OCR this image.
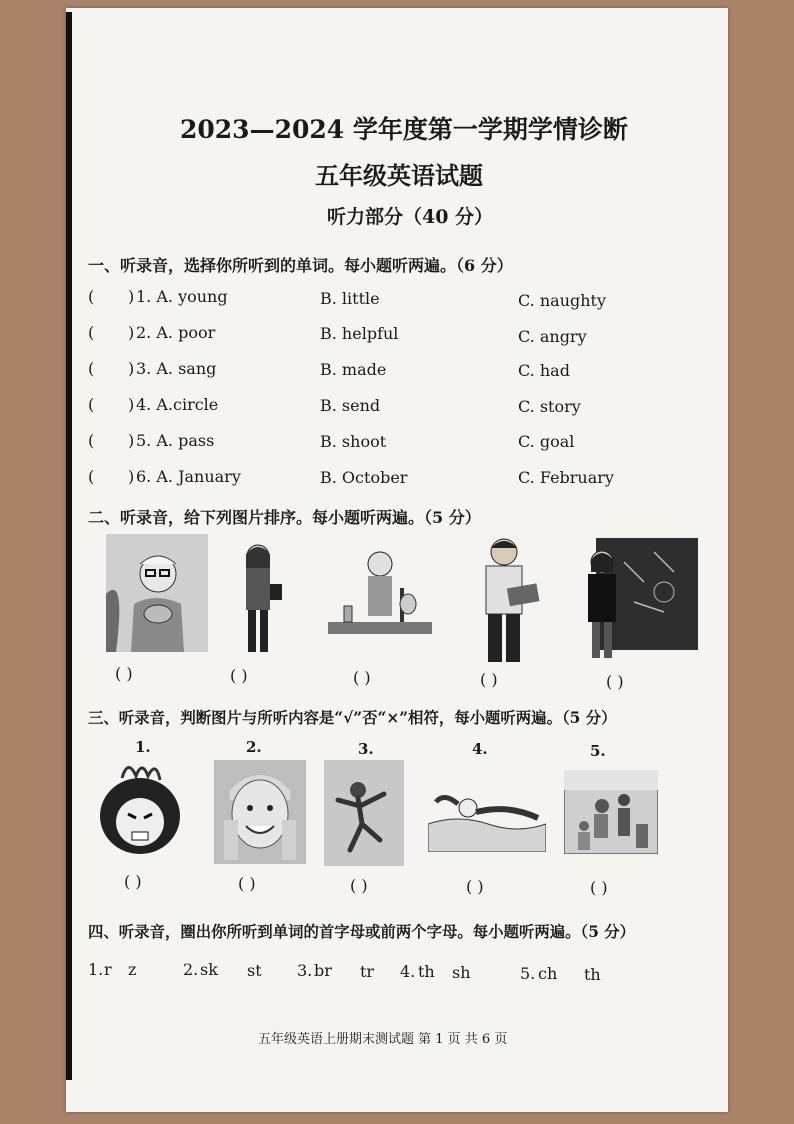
2023—2024 学年度第一学期学情诊断
五年级英语试题
听力部分（40 分）
一、听录音，选择你所听到的单词。每小题听两遍。（6 分）
( ) 1. A. young	B. little	C. naughty
( ) 2. A. poor	B. helpful	C. angry
( ) 3. A. sang	B. made	C. had
( ) 4. A.circle	B. send	C. story
( ) 5. A. pass	B. shoot	C. goal
( ) 6. A. January	B. October	C. February
二、听录音，给下列图片排序。每小题听两遍。（5 分）
( )	( )	( )	( )	( )
三、听录音，判断图片与所听内容是“√”否“×”相符，每小题听两遍。（5 分）
1.	2.	3.	4.	5.
( )	( )	( )	( )	( )
四、听录音，圈出你所听到单词的首字母或前两个字母。每小题听两遍。（5 分）
1. r z	2. sk st 3. br tr 4. th sh	5. ch th
五年级英语上册期末测试题 第 1 页 共 6 页
